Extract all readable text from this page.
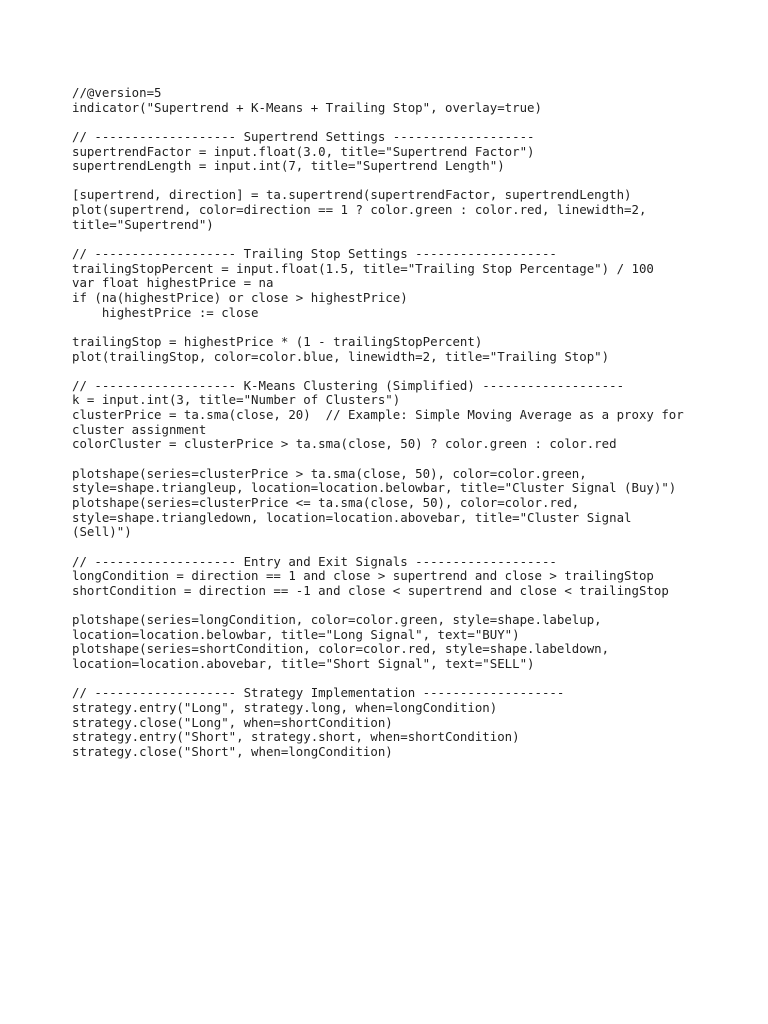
//@version=5
indicator("Supertrend + K-Means + Trailing Stop", overlay=true)
// ------------------- Supertrend Settings -------------------
supertrendFactor = input.float(3.0, title="Supertrend Factor")
supertrendLength = input.int(7, title="Supertrend Length")
[supertrend, direction] = ta.supertrend(supertrendFactor, supertrendLength)
plot(supertrend, color=direction == 1 ? color.green : color.red, linewidth=2,
title="Supertrend")
// ------------------- Trailing Stop Settings -------------------
trailingStopPercent = input.float(1.5, title="Trailing Stop Percentage") / 100
var float highestPrice = na
if (na(highestPrice) or close > highestPrice)
highestPrice := close
trailingStop = highestPrice * (1 - trailingStopPercent)
plot(trailingStop, color=color.blue, linewidth=2, title="Trailing Stop")
// ------------------- K-Means Clustering (Simplified) -------------------
k = input.int(3, title="Number of Clusters")
clusterPrice = ta.sma(close, 20)  // Example: Simple Moving Average as a proxy for
cluster assignment
colorCluster = clusterPrice > ta.sma(close, 50) ? color.green : color.red
plotshape(series=clusterPrice > ta.sma(close, 50), color=color.green,
style=shape.triangleup, location=location.belowbar, title="Cluster Signal (Buy)")
plotshape(series=clusterPrice <= ta.sma(close, 50), color=color.red,
style=shape.triangledown, location=location.abovebar, title="Cluster Signal
(Sell)")
// ------------------- Entry and Exit Signals -------------------
longCondition = direction == 1 and close > supertrend and close > trailingStop
shortCondition = direction == -1 and close < supertrend and close < trailingStop
plotshape(series=longCondition, color=color.green, style=shape.labelup,
location=location.belowbar, title="Long Signal", text="BUY")
plotshape(series=shortCondition, color=color.red, style=shape.labeldown,
location=location.abovebar, title="Short Signal", text="SELL")
// ------------------- Strategy Implementation -------------------
strategy.entry("Long", strategy.long, when=longCondition)
strategy.close("Long", when=shortCondition)
strategy.entry("Short", strategy.short, when=shortCondition)
strategy.close("Short", when=longCondition)
